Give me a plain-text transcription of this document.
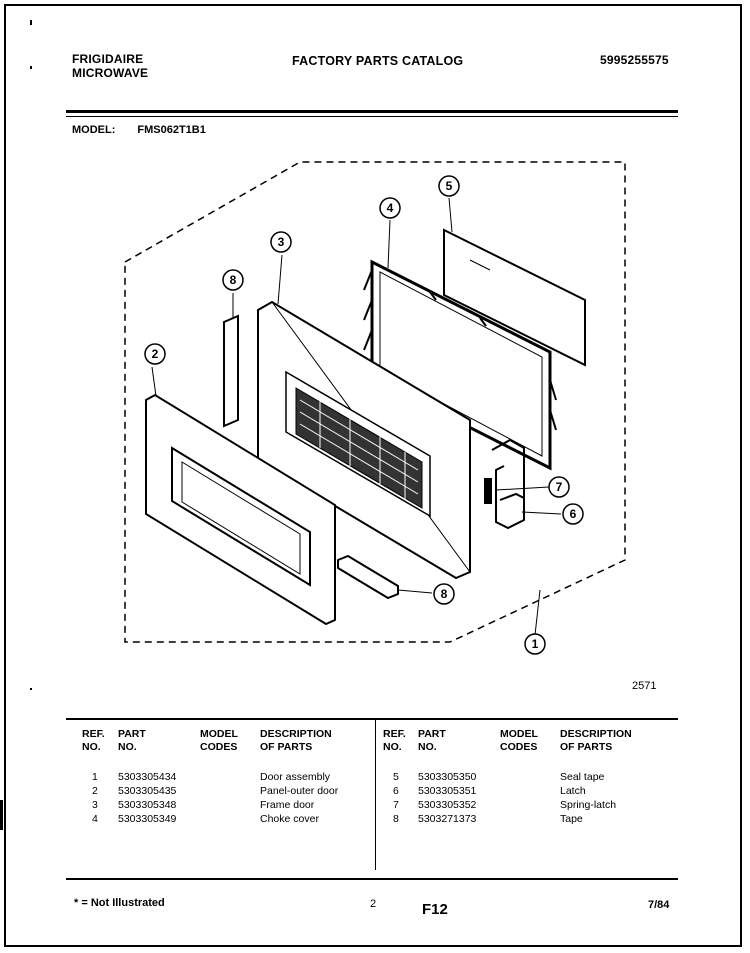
FRIGIDAIRE
MICROWAVE
FACTORY PARTS CATALOG	5995255575
MODEL: FMS062T1B1
1
2
3
4
5
6
7
8
8
2571
REF.
NO.
PART
NO.
MODEL
CODES
DESCRIPTION
OF PARTS
REF.
NO.
PART
NO.
MODEL
CODES
DESCRIPTION
OF PARTS
1 5303305434	Door assembly	5 5303305350	Seal tape
2 5303305435	Panel-outer door	6 5303305351	Latch
3 5303305348	Frame door	7 5303305352	Spring-latch
4 5303305349	Choke cover	8 5303271373	Tape
* = Not Illustrated	2	F12	7/84
